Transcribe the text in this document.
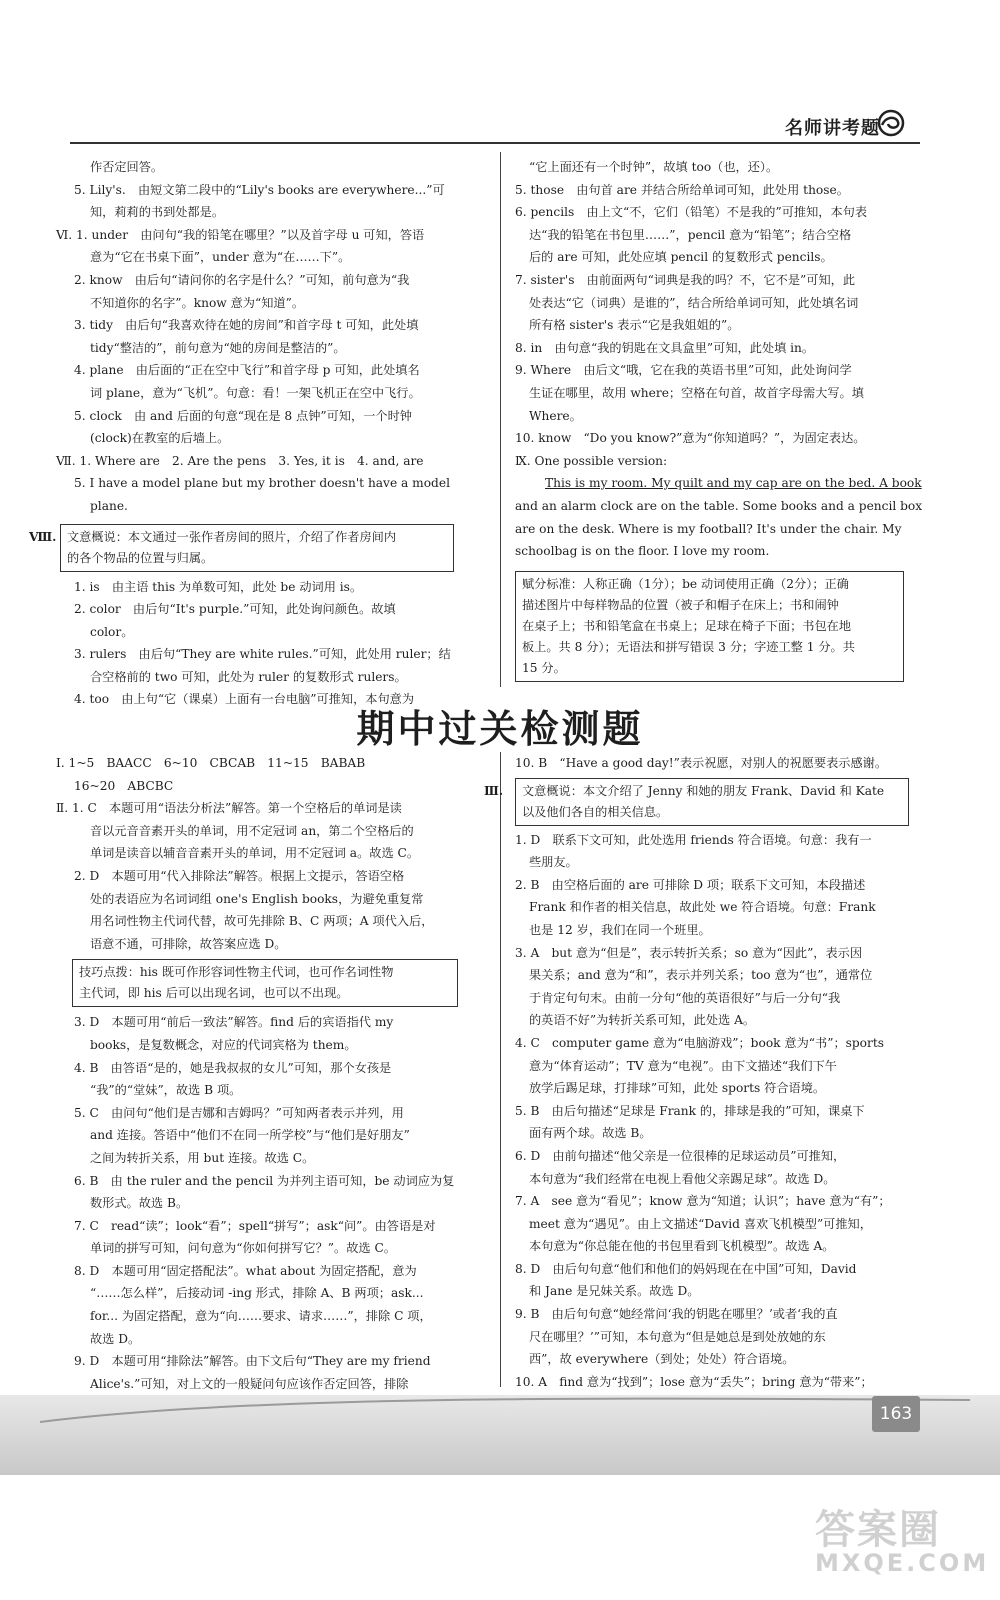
名师讲考题

作否定回答。

5. Lily's.　由短文第二段中的“Lily's books are everywhere...”可

知，莉莉的书到处都是。

Ⅵ. 1. under　由问句“我的铅笔在哪里？”以及首字母 u 可知，答语

意为“它在书桌下面”，under 意为“在……下”。

2. know　由后句“请问你的名字是什么？”可知，前句意为“我

不知道你的名字”。know 意为“知道”。

3. tidy　由后句“我喜欢待在她的房间”和首字母 t 可知，此处填

tidy“整洁的”，前句意为“她的房间是整洁的”。

4. plane　由后面的“正在空中飞行”和首字母 p 可知，此处填名

词 plane，意为“飞机”。句意：看！一架飞机正在空中飞行。

5. clock　由 and 后面的句意“现在是 8 点钟”可知，一个时钟

(clock)在教室的后墙上。

Ⅶ. 1. Where are　2. Are the pens　3. Yes, it is　4. and, are

5. I have a model plane but my brother doesn't have a model

plane.

Ⅷ. 文意概说：本文通过一张作者房间的照片，介绍了作者房间内

的各个物品的位置与归属。

1. is　由主语 this 为单数可知，此处 be 动词用 is。

2. color　由后句“It's purple.”可知，此处询问颜色。故填

color。

3. rulers　由后句“They are white rules.”可知，此处用 ruler；结

合空格前的 two 可知，此处为 ruler 的复数形式 rulers。

4. too　由上句“它（课桌）上面有一台电脑”可推知，本句意为

“它上面还有一个时钟”，故填 too（也，还）。

5. those　由句首 are 并结合所给单词可知，此处用 those。

6. pencils　由上文“不，它们（铅笔）不是我的”可推知，本句表

达“我的铅笔在书包里……”，pencil 意为“铅笔”；结合空格

后的 are 可知，此处应填 pencil 的复数形式 pencils。

7. sister's　由前面两句“词典是我的吗？不，它不是”可知，此

处表达“它（词典）是谁的”，结合所给单词可知，此处填名词

所有格 sister's 表示“它是我姐姐的”。

8. in　由句意“我的钥匙在文具盒里”可知，此处填 in。

9. Where　由后文“哦，它在我的英语书里”可知，此处询问学

生证在哪里，故用 where；空格在句首，故首字母需大写。填

Where。

10. know　“Do you know?”意为“你知道吗？”，为固定表达。

Ⅸ. One possible version:

This is my room. My quilt and my cap are on the bed. A book

and an alarm clock are on the table. Some books and a pencil box

are on the desk. Where is my football? It's under the chair. My

schoolbag is on the floor. I love my room.

赋分标准：人称正确（1分）；be 动词使用正确（2分）；正确

描述图片中每样物品的位置（被子和帽子在床上；书和闹钟

在桌子上；书和铅笔盒在书桌上；足球在椅子下面；书包在地

板上。共 8 分）；无语法和拼写错误 3 分；字迹工整 1 分。共

15 分。

期中过关检测题

Ⅰ. 1~5　BAACC　6~10　CBCAB　11~15　BABAB

16~20　ABCBC

Ⅱ. 1. C　本题可用“语法分析法”解答。第一个空格后的单词是读

音以元音音素开头的单词，用不定冠词 an，第二个空格后的

单词是读音以辅音音素开头的单词，用不定冠词 a。故选 C。

2. D　本题可用“代入排除法”解答。根据上文提示，答语空格

处的表语应为名词词组 one's English books，为避免重复常

用名词性物主代词代替，故可先排除 B、C 两项；A 项代入后，

语意不通，可排除，故答案应选 D。

技巧点拨：his 既可作形容词性物主代词，也可作名词性物

主代词，即 his 后可以出现名词，也可以不出现。

3. D　本题可用“前后一致法”解答。find 后的宾语指代 my

books，是复数概念，对应的代词宾格为 them。

4. B　由答语“是的，她是我叔叔的女儿”可知，那个女孩是

“我”的“堂妹”，故选 B 项。

5. C　由问句“他们是吉娜和吉姆吗？”可知两者表示并列，用

and 连接。答语中“他们不在同一所学校”与“他们是好朋友”

之间为转折关系，用 but 连接。故选 C。

6. B　由 the ruler and the pencil 为并列主语可知，be 动词应为复

数形式。故选 B。

7. C　read“读”；look“看”；spell“拼写”；ask“问”。由答语是对

单词的拼写可知，问句意为“你如何拼写它？”。故选 C。

8. D　本题可用“固定搭配法”。what about 为固定搭配，意为

“……怎么样”，后接动词 -ing 形式，排除 A、B 两项；ask...

for... 为固定搭配，意为“向……要求、请求……”，排除 C 项，

故选 D。

9. D　本题可用“排除法”解答。由下文后句“They are my friend

Alice's.”可知，对上文的一般疑问句应该作否定回答，排除

10. B　“Have a good day!”表示祝愿，对别人的祝愿要表示感谢。

Ⅲ. 文意概说：本文介绍了 Jenny 和她的朋友 Frank、David 和 Kate

以及他们各自的相关信息。

1. D　联系下文可知，此处选用 friends 符合语境。句意：我有一

些朋友。

2. B　由空格后面的 are 可排除 D 项；联系下文可知，本段描述

Frank 和作者的相关信息，故此处 we 符合语境。句意：Frank

也是 12 岁，我们在同一个班里。

3. A　but 意为“但是”，表示转折关系；so 意为“因此”，表示因

果关系；and 意为“和”，表示并列关系；too 意为“也”，通常位

于肯定句句末。由前一分句“他的英语很好”与后一分句“我

的英语不好”为转折关系可知，此处选 A。

4. C　computer game 意为“电脑游戏”；book 意为“书”；sports

意为“体育运动”；TV 意为“电视”。由下文描述“我们下午

放学后踢足球，打排球”可知，此处 sports 符合语境。

5. B　由后句描述“足球是 Frank 的，排球是我的”可知，课桌下

面有两个球。故选 B。

6. D　由前句描述“他父亲是一位很棒的足球运动员”可推知，

本句意为“我们经常在电视上看他父亲踢足球”。故选 D。

7. A　see 意为“看见”；know 意为“知道；认识”；have 意为“有”；

meet 意为“遇见”。由上文描述“David 喜欢飞机模型”可推知，

本句意为“你总能在他的书包里看到飞机模型”。故选 A。

8. D　由后句句意“他们和他们的妈妈现在在中国”可知，David

和 Jane 是兄妹关系。故选 D。

9. B　由后句句意“她经常问‘我的钥匙在哪里？’或者‘我的直

尺在哪里？’”可知，本句意为“但是她总是到处放她的东

西”，故 everywhere（到处；处处）符合语境。

10. A　find 意为“找到”；lose 意为“丢失”；bring 意为“带来”；

163
答案圈
MXQE.COM
